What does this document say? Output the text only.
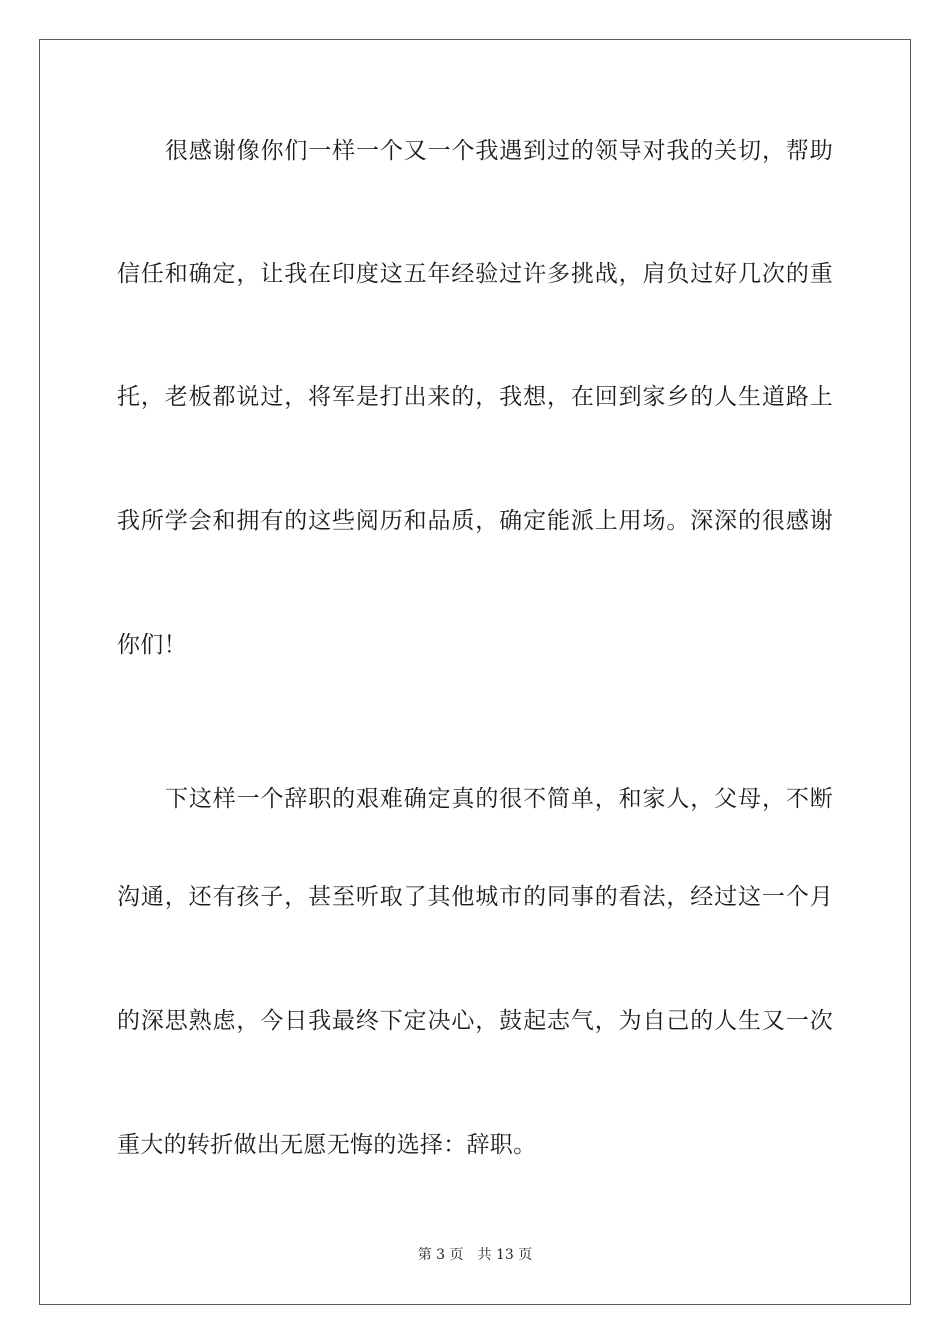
很感谢像你们一样一个又一个我遇到过的领导对我的关切，帮助
信任和确定，让我在印度这五年经验过许多挑战，肩负过好几次的重
托，老板都说过，将军是打出来的，我想，在回到家乡的人生道路上
我所学会和拥有的这些阅历和品质，确定能派上用场。深深的很感谢
你们！
下这样一个辞职的艰难确定真的很不简单，和家人，父母，不断
沟通，还有孩子，甚至听取了其他城市的同事的看法，经过这一个月
的深思熟虑，今日我最终下定决心，鼓起志气，为自己的人生又一次
重大的转折做出无愿无悔的选择：辞职。
第 3 页 共 13 页
